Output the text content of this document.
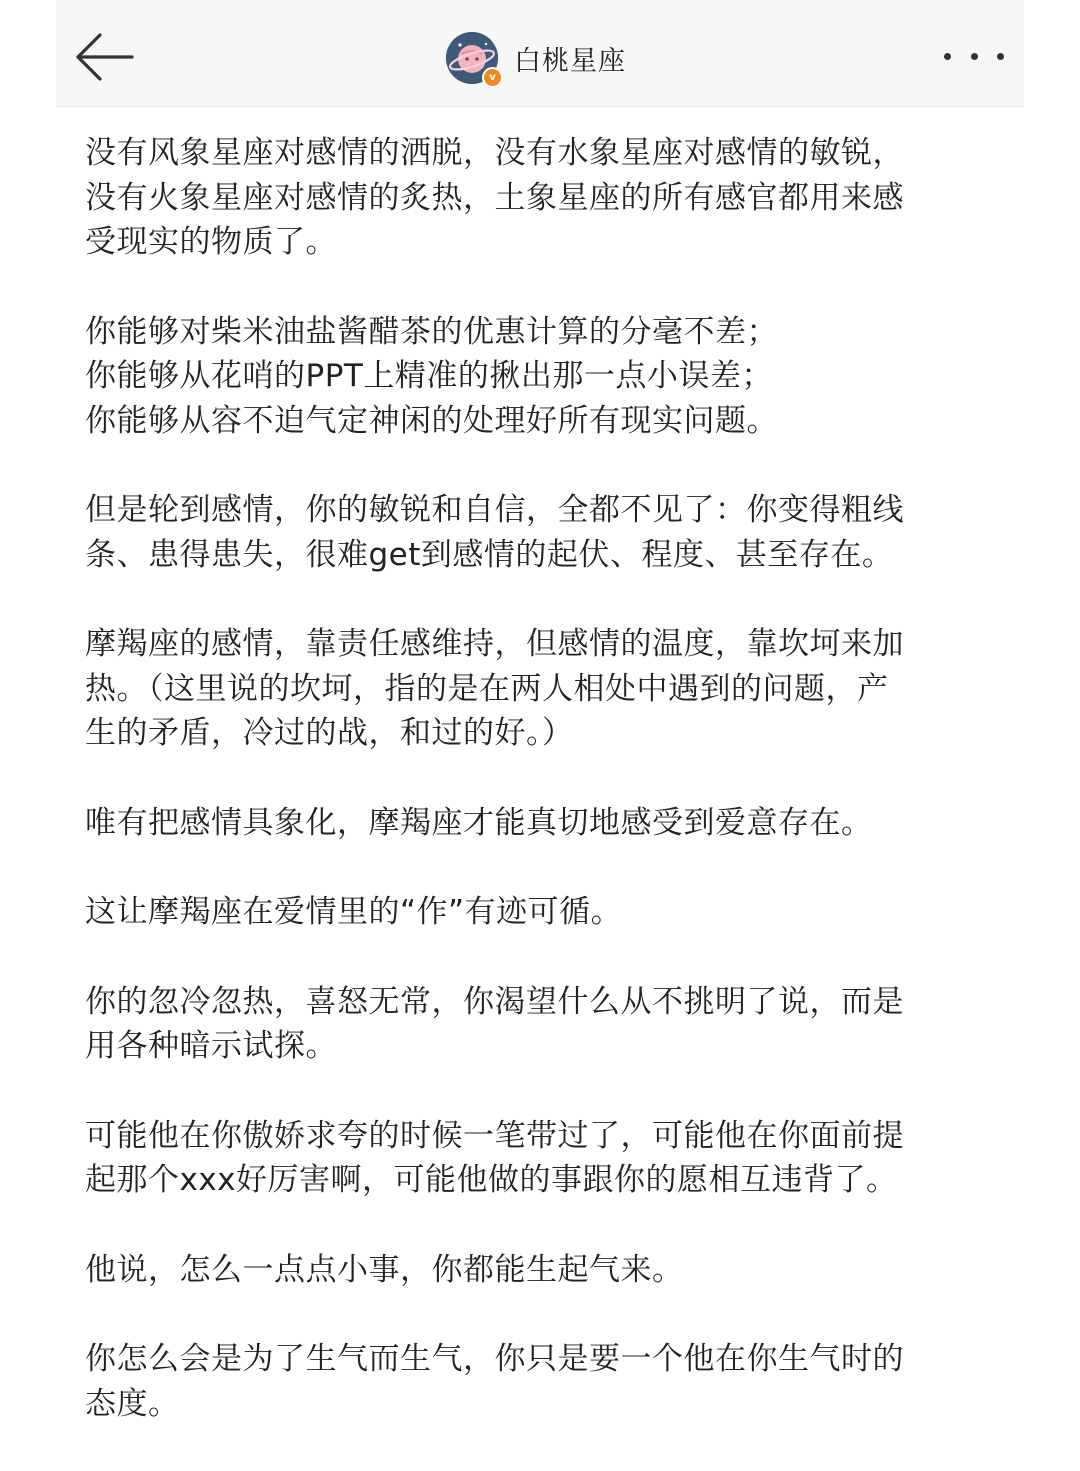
v
白桃星座

没有风象星座对感情的洒脱，没有水象星座对感情的敏锐，
没有火象星座对感情的炙热，土象星座的所有感官都用来感
受现实的物质了。

你能够对柴米油盐酱醋茶的优惠计算的分毫不差；
你能够从花哨的PPT上精准的揪出那一点小误差；
你能够从容不迫气定神闲的处理好所有现实问题。

但是轮到感情，你的敏锐和自信，全都不见了：你变得粗线
条、患得患失，很难get到感情的起伏、程度、甚至存在。

摩羯座的感情，靠责任感维持，但感情的温度，靠坎坷来加
热。（这里说的坎坷，指的是在两人相处中遇到的问题，产
生的矛盾，冷过的战，和过的好。）

唯有把感情具象化，摩羯座才能真切地感受到爱意存在。

这让摩羯座在爱情里的“作”有迹可循。

你的忽冷忽热，喜怒无常，你渴望什么从不挑明了说，而是
用各种暗示试探。

可能他在你傲娇求夸的时候一笔带过了，可能他在你面前提
起那个xxx好厉害啊，可能他做的事跟你的愿相互违背了。

他说，怎么一点点小事，你都能生起气来。

你怎么会是为了生气而生气，你只是要一个他在你生气时的
态度。
